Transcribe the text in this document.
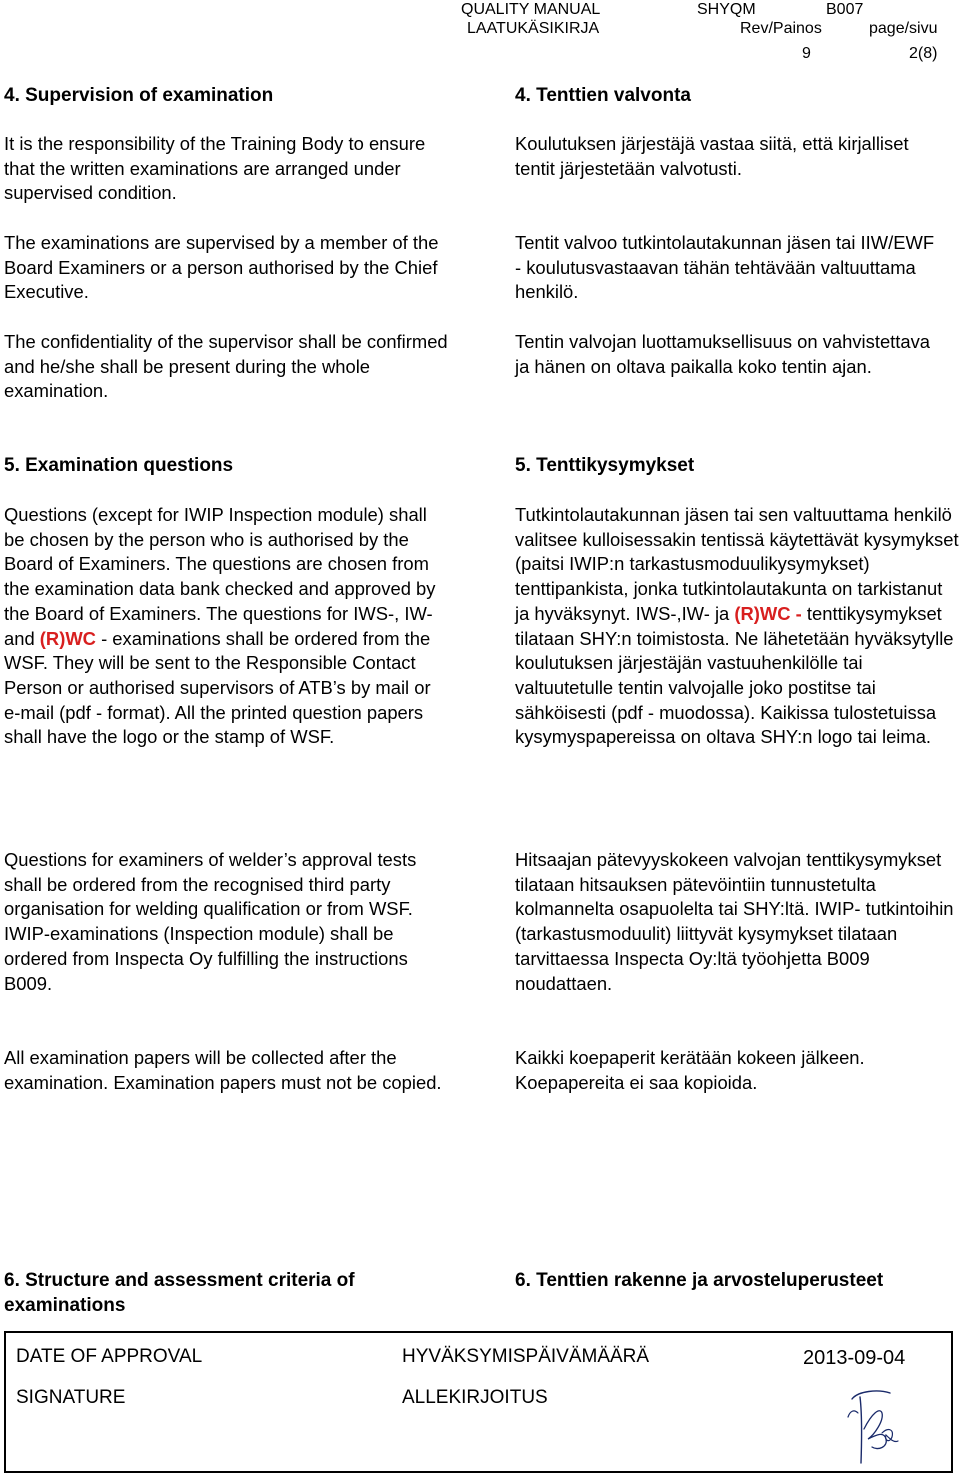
QUALITY MANUAL
LAATUKÄSIKIRJA
SHYQM	B007
Rev/Painos	page/sivu
9	2(8)
4. Supervision of examination	4. Tenttien valvonta
It is the responsibility of the Training Body to ensure that the written examinations are arranged under supervised condition.
The examinations are supervised by a member of the Board Examiners or a person authorised by the Chief Executive.
The confidentiality of the supervisor shall be confirmed and he/she shall be present during the whole examination.
Koulutuksen järjestäjä vastaa siitä, että kirjalliset tentit järjestetään valvotusti.
Tentit valvoo tutkintolautakunnan jäsen tai IIW/EWF - koulutusvastaavan tähän tehtävään valtuuttama henkilö.
Tentin valvojan luottamuksellisuus on vahvistettava ja hänen on oltava paikalla koko tentin ajan.
5. Examination questions	5. Tenttikysymykset
Questions (except for IWIP Inspection module) shall be chosen by the person who is authorised by the Board of Examiners. The questions are chosen from the examination data bank checked and approved by the Board of Examiners. The questions for IWS-, IW- and (R)WC - examinations shall be ordered from the WSF. They will be sent to the Responsible Contact Person or authorised supervisors of ATB’s by mail or e-mail (pdf - format). All the printed question papers shall have the logo or the stamp of WSF.
Questions for examiners of welder’s approval tests shall be ordered from the recognised third party organisation for welding qualification or from WSF. IWIP-examinations (Inspection module) shall be ordered from Inspecta Oy fulfilling the instructions B009.
All examination papers will be collected after the examination. Examination papers must not be copied.
Tutkintolautakunnan jäsen tai sen valtuuttama henkilö valitsee kulloisessakin tentissä käytettävät kysymykset (paitsi IWIP:n tarkastusmoduulikysymykset) tenttipankista, jonka tutkintolautakunta on tarkistanut ja hyväksynyt. IWS-,IW- ja (R)WC - tenttikysymykset tilataan SHY:n toimistosta. Ne lähetetään hyväksytylle koulutuksen järjestäjän vastuuhenkilölle tai valtuutetulle tentin valvojalle joko postitse tai sähköisesti (pdf - muodossa). Kaikissa tulostetuissa kysymyspapereissa on oltava SHY:n logo tai leima.
Hitsaajan pätevyyskokeen valvojan tenttikysymykset tilataan hitsauksen pätevöintiin tunnustetulta kolmannelta osapuolelta tai SHY:ltä. IWIP- tutkintoihin (tarkastusmoduulit) liittyvät kysymykset tilataan tarvittaessa Inspecta Oy:ltä työohjetta B009 noudattaen.
Kaikki koepaperit kerätään kokeen jälkeen. Koepapereita ei saa kopioida.
6. Structure and assessment criteria of examinations
6. Tenttien rakenne ja arvosteluperusteet
DATE OF APPROVAL	HYVÄKSYMISPÄIVÄMÄÄRÄ	2013-09-04
SIGNATURE	ALLEKIRJOITUS
